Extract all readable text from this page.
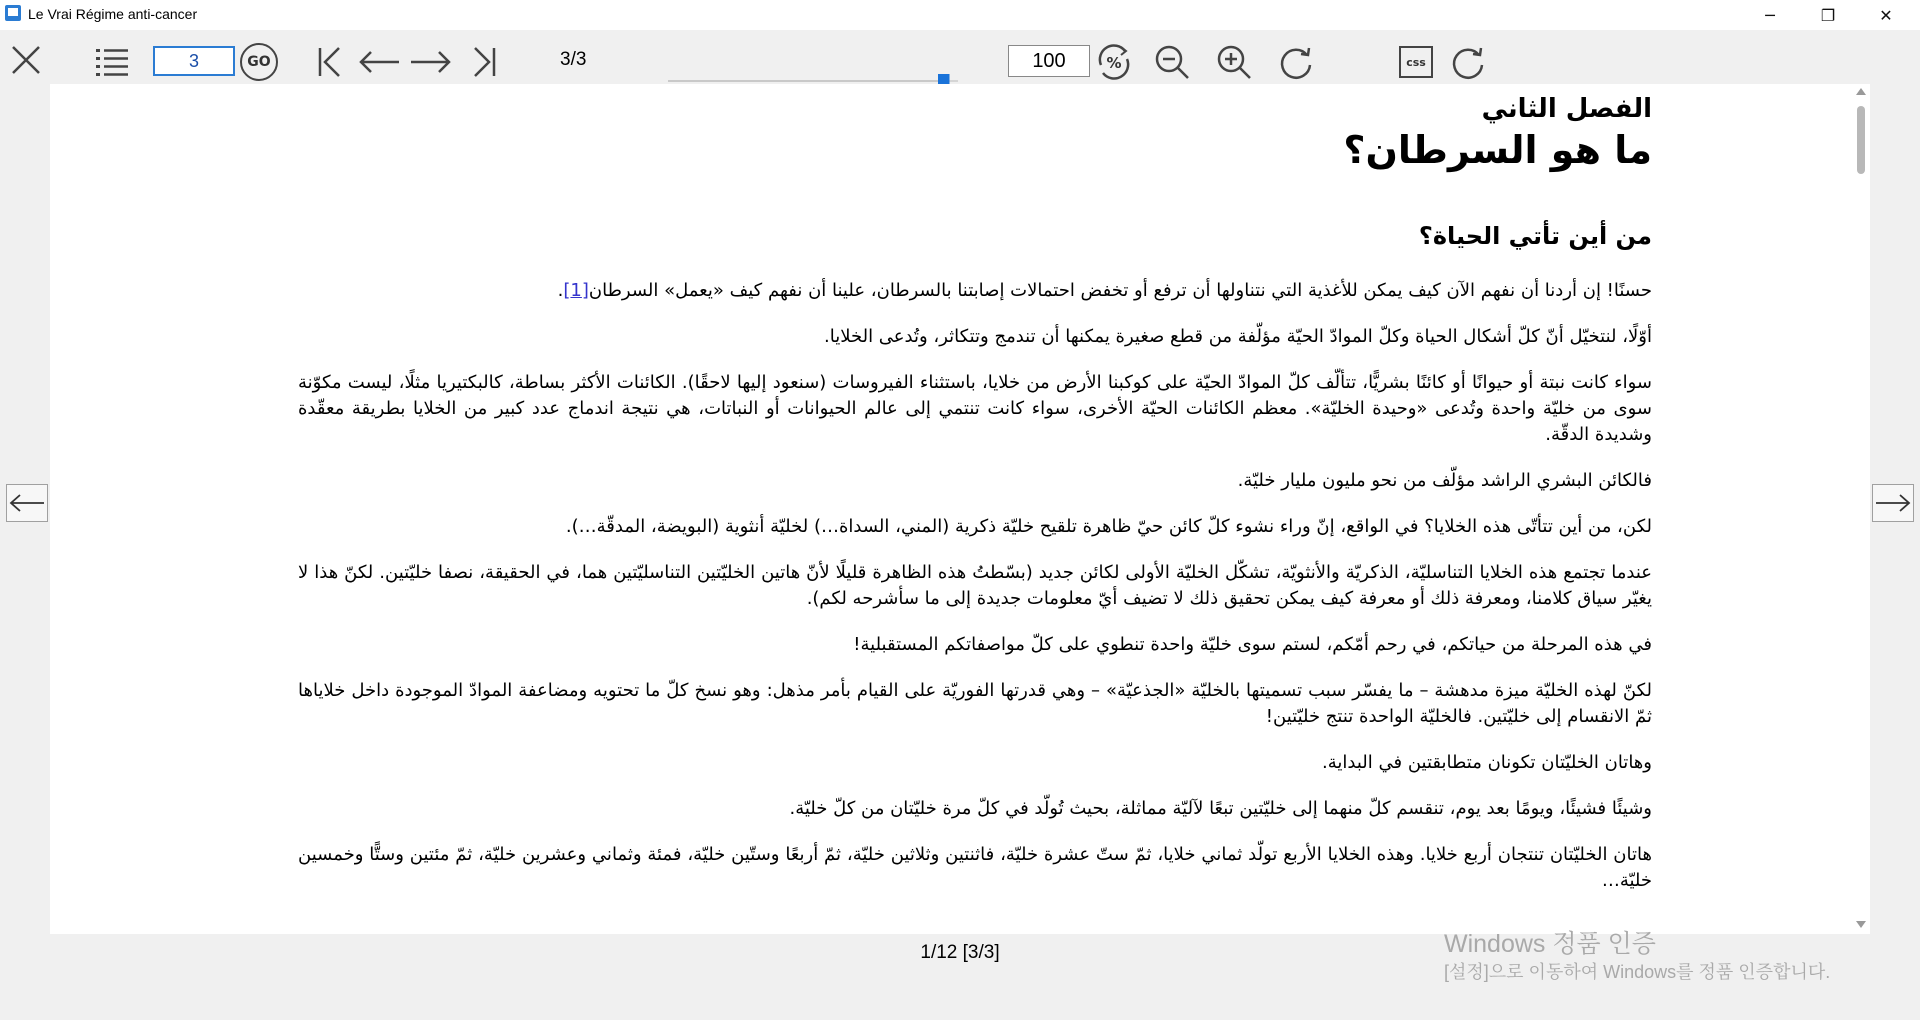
Le Vrai Régime anti-cancer	─	❐	✕
3
GO	3/3
100	%	css
الفصل الثاني
ما هو السرطان؟
من أين تأتي الحياة؟

حسنًا! إن أردنا أن نفهم الآن كيف يمكن للأغذية التي نتناولها أن ترفع أو تخفض احتمالات إصابتنا بالسرطان، علينا أن نفهم كيف «يعمل» السرطان[1].

أوّلًا، لنتخيّل أنّ كلّ أشكال الحياة وكلّ الموادّ الحيّة مؤلّفة من قطع صغيرة يمكنها أن تندمج وتتكاثر، وتُدعى الخلايا.

سواء كانت نبتة أو حيوانًا أو كائنًا بشريًّا، تتألّف كلّ الموادّ الحيّة على كوكبنا الأرض من خلايا، باستثناء الفيروسات (سنعود إليها لاحقًا). الكائنات الأكثر بساطة، كالبكتيريا مثلًا، ليست مكوّنة سوى من خليّة واحدة وتُدعى «وحيدة الخليّة». معظم الكائنات الحيّة الأخرى، سواء كانت تنتمي إلى عالم الحيوانات أو النباتات، هي نتيجة اندماج عدد كبير من الخلايا بطريقة معقّدة وشديدة الدقّة.

فالكائن البشري الراشد مؤلّف من نحو مليون مليار خليّة.

لكن، من أين تتأتّى هذه الخلايا؟ في الواقع، إنّ وراء نشوء كلّ كائن حيّ ظاهرة تلقيح خليّة ذكرية (المني، السداة…) لخليّة أنثوية (البويضة، المدقّة…).

عندما تجتمع هذه الخلايا التناسليّة، الذكريّة والأنثويّة، تشكّل الخليّة الأولى لكائن جديد (بسّطتُ هذه الظاهرة قليلًا لأنّ هاتين الخليّتين التناسليّتين هما، في الحقيقة، نصفا خليّتين. لكنّ هذا لا يغيّر سياق كلامنا، ومعرفة ذلك أو معرفة كيف يمكن تحقيق ذلك لا تضيف أيّ معلومات جديدة إلى ما سأشرحه لكم).

في هذه المرحلة من حياتكم، في رحم أمّكم، لستم سوى خليّة واحدة تنطوي على كلّ مواصفاتكم المستقبلية!

لكنّ لهذه الخليّة ميزة مدهشة – ما يفسّر سبب تسميتها بالخليّة «الجذعيّة» – وهي قدرتها الفوريّة على القيام بأمر مذهل: وهو نسخ كلّ ما تحتويه ومضاعفة الموادّ الموجودة داخل خلاياها ثمّ الانقسام إلى خليّتين. فالخليّة الواحدة تنتج خليّتين!

وهاتان الخليّتان تكونان متطابقتين في البداية.

وشيئًا فشيئًا، ويومًا بعد يوم، تنقسم كلّ منهما إلى خليّتين تبعًا لآليّة مماثلة، بحيث تُولّد في كلّ مرة خليّتان من كلّ خليّة.

هاتان الخليّتان تنتجان أربع خلايا. وهذه الخلايا الأربع تولّد ثماني خلايا، ثمّ ستّ عشرة خليّة، فاثنتين وثلاثين خليّة، ثمّ أربعًا وستّين خليّة، فمئة وثماني وعشرين خليّة، ثمّ مئتين وستًّا وخمسين خليّة…

1/12 [3/3]	Windows 정품 인증
[설정]으로 이동하여 Windows를 정품 인증합니다.
